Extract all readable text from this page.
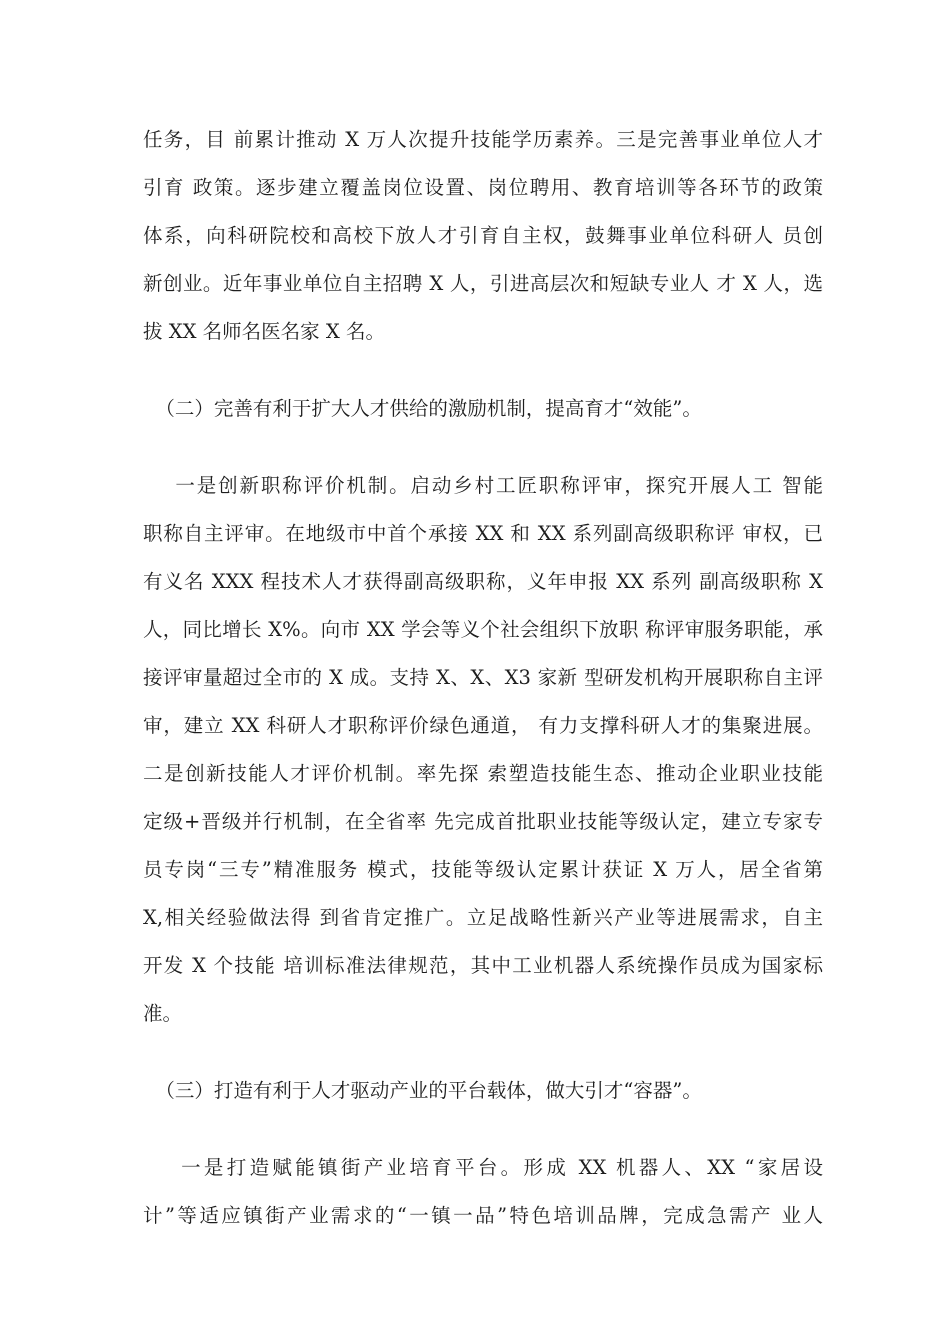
任务，目 前累计推动 X 万人次提升技能学历素养。三是完善事业单位人才
引育 政策。逐步建立覆盖岗位设置、岗位聘用、教育培训等各环节的政策
体系，向科研院校和高校下放人才引育自主权，鼓舞事业单位科研人 员创
新创业。近年事业单位自主招聘 X 人，引进高层次和短缺专业人 才 X 人，选
拔 XX 名师名医名家 X 名。
（二）完善有利于扩大人才供给的激励机制，提高育才“效能”。
一是创新职称评价机制。启动乡村工匠职称评审，探究开展人工 智能
职称自主评审。在地级市中首个承接 XX 和 XX 系列副高级职称评 审权，已
有义名 XXX 程技术人才获得副高级职称，义年申报 XX 系列 副高级职称 X
人，同比增长 X%。向市 XX 学会等义个社会组织下放职 称评审服务职能，承
接评审量超过全市的 X 成。支持 X、X、X3 家新 型研发机构开展职称自主评
审，建立 XX 科研人才职称评价绿色通道， 有力支撑科研人才的集聚进展。
二是创新技能人才评价机制。率先探 索塑造技能生态、推动企业职业技能
定级+晋级并行机制，在全省率 先完成首批职业技能等级认定，建立专家专
员专岗“三专”精准服务 模式，技能等级认定累计获证 X 万人，居全省第
X,相关经验做法得 到省肯定推广。立足战略性新兴产业等进展需求，自主
开发 X 个技能 培训标准法律规范，其中工业机器人系统操作员成为国家标
准。
（三）打造有利于人才驱动产业的平台载体，做大引才“容器”。
一是打造赋能镇街产业培育平台。形成 XX 机器人、XX “家居设
计”等适应镇街产业需求的“一镇一品”特色培训品牌，完成急需产 业人
